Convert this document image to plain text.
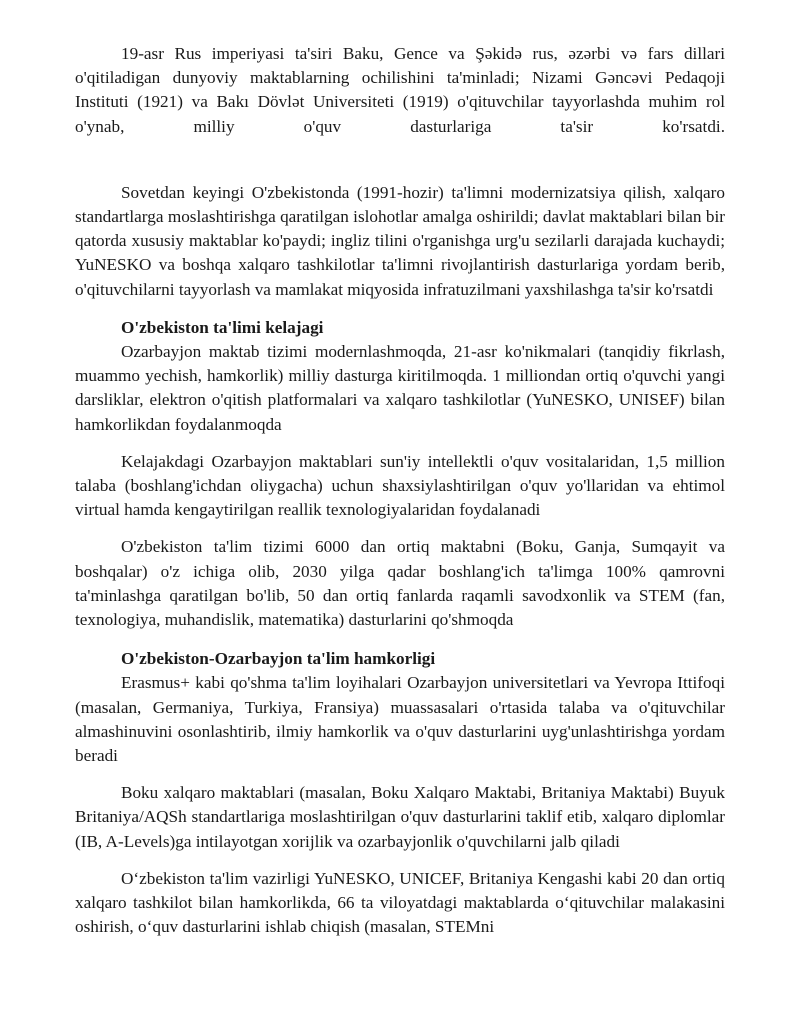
19-asr Rus imperiyasi ta'siri Baku, Gence va Şəkidə rus, əzərbi və fars dillari o'qitiladigan dunyoviy maktablarning ochilishini ta'minladi; Nizami Gəncəvi Pedaqoji Instituti (1921) va Bakı Dövlət Universiteti (1919) o'qituvchilar tayyorlashda muhim rol o'ynab, milliy o'quv dasturlariga ta'sir ko'rsatdi.

Sovetdan keyingi O'zbekistonda (1991-hozir) ta'limni modernizatsiya qilish, xalqaro standartlarga moslashtirishga qaratilgan islohotlar amalga oshirildi; davlat maktablari bilan bir qatorda xususiy maktablar ko'paydi; ingliz tilini o'rganishga urg'u sezilarli darajada kuchaydi; YuNESKO va boshqa xalqaro tashkilotlar ta'limni rivojlantirish dasturlariga yordam berib, o'qituvchilarni tayyorlash va mamlakat miqyosida infratuzilmani yaxshilashga ta'sir ko'rsatdi

O'zbekiston ta'limi kelajagi

Ozarbayjon maktab tizimi modernlashmoqda, 21-asr ko'nikmalari (tanqidiy fikrlash, muammo yechish, hamkorlik) milliy dasturga kiritilmoqda. 1 milliondan ortiq o'quvchi yangi darsliklar, elektron o'qitish platformalari va xalqaro tashkilotlar (YuNESKO, UNISEF) bilan hamkorlikdan foydalanmoqda

Kelajakdagi Ozarbayjon maktablari sun'iy intellektli o'quv vositalaridan, 1,5 million talaba (boshlang'ichdan oliygacha) uchun shaxsiylashtirilgan o'quv yo'llaridan va ehtimol virtual hamda kengaytirilgan reallik texnologiyalaridan foydalanadi

O'zbekiston ta'lim tizimi 6000 dan ortiq maktabni (Boku, Ganja, Sumqayit va boshqalar) o'z ichiga olib, 2030 yilga qadar boshlang'ich ta'limga 100% qamrovni ta'minlashga qaratilgan bo'lib, 50 dan ortiq fanlarda raqamli savodxonlik va STEM (fan, texnologiya, muhandislik, matematika) dasturlarini qo'shmoqda

O'zbekiston-Ozarbayjon ta'lim hamkorligi

Erasmus+ kabi qo'shma ta'lim loyihalari Ozarbayjon universitetlari va Yevropa Ittifoqi (masalan, Germaniya, Turkiya, Fransiya) muassasalari o'rtasida talaba va o'qituvchilar almashinuvini osonlashtirib, ilmiy hamkorlik va o'quv dasturlarini uyg'unlashtirishga yordam beradi

Boku xalqaro maktablari (masalan, Boku Xalqaro Maktabi, Britaniya Maktabi) Buyuk Britaniya/AQSh standartlariga moslashtirilgan o'quv dasturlarini taklif etib, xalqaro diplomlar (IB, A-Levels)ga intilayotgan xorijlik va ozarbayjonlik o'quvchilarni jalb qiladi

O‘zbekiston ta'lim vazirligi YuNESKO, UNICEF, Britaniya Kengashi kabi 20 dan ortiq xalqaro tashkilot bilan hamkorlikda, 66 ta viloyatdagi maktablarda o‘qituvchilar malakasini oshirish, o‘quv dasturlarini ishlab chiqish (masalan, STEMni
